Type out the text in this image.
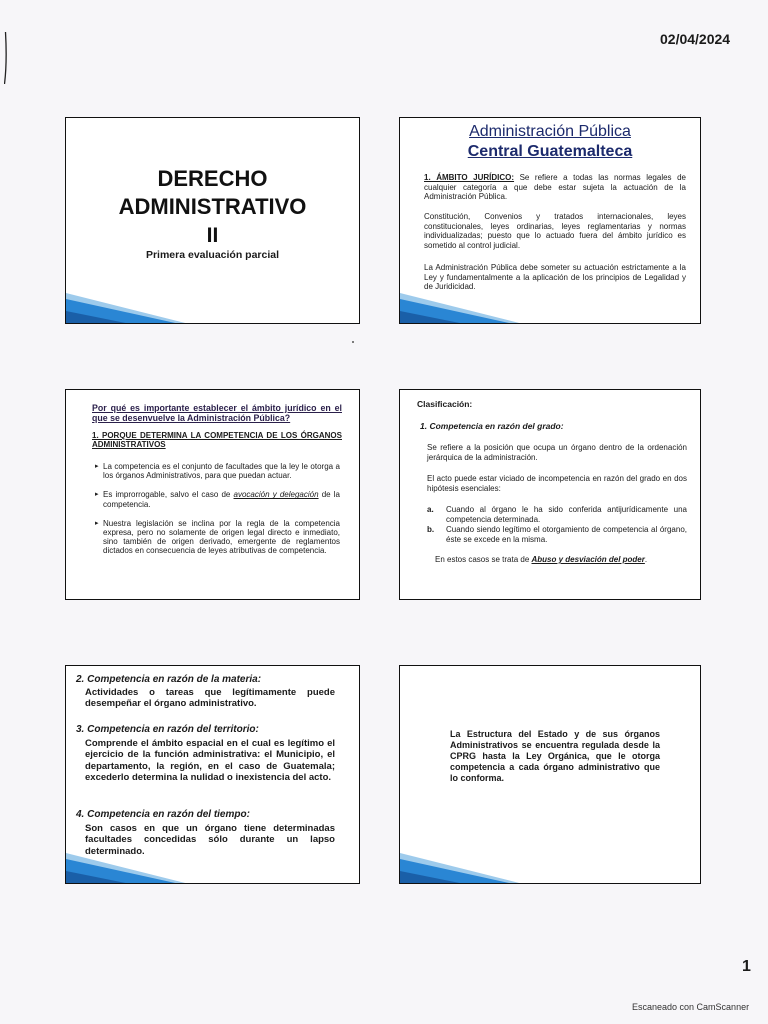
02/04/2024
DERECHO
ADMINISTRATIVO
II
Primera evaluación parcial
Administración Pública
Central Guatemalteca
1. ÁMBITO JURÍDICO: Se refiere a todas las normas legales de cualquier categoría a que debe estar sujeta la actuación de la Administración Pública.
Constitución, Convenios y tratados internacionales, leyes constitucionales, leyes ordinarias, leyes reglamentarias y normas individualizadas; puesto que lo actuado fuera del ámbito jurídico es sometido al control judicial.
La Administración Pública debe someter su actuación estrictamente a la Ley y fundamentalmente a la aplicación de los principios de Legalidad y de Juridicidad.
Por qué es importante establecer el ámbito jurídico en el que se desenvuelve la Administración Pública?
1. PORQUE DETERMINA LA COMPETENCIA DE LOS ÓRGANOS ADMINISTRATIVOS
▸ La competencia es el conjunto de facultades que la ley le otorga a los órganos Administrativos, para que puedan actuar.
▸ Es improrrogable, salvo el caso de avocación y delegación de la competencia.
▸ Nuestra legislación se inclina por la regla de la competencia expresa, pero no solamente de origen legal directo e inmediato, sino también de origen derivado, emergente de reglamentos dictados en consecuencia de leyes atributivas de competencia.
Clasificación:
1. Competencia en razón del grado:
Se refiere a la posición que ocupa un órgano dentro de la ordenación jerárquica de la administración.
El acto puede estar viciado de incompetencia en razón del grado en dos hipótesis esenciales:
a. Cuando al órgano le ha sido conferida antijurídicamente una competencia determinada.
b. Cuando siendo legítimo el otorgamiento de competencia al órgano, éste se excede en la misma.
En estos casos se trata de Abuso y desviación del poder.
2. Competencia en razón de la materia:
Actividades o tareas que legítimamente puede desempeñar el órgano administrativo.
3. Competencia en razón del territorio:
Comprende el ámbito espacial en el cual es legítimo el ejercicio de la función administrativa: el Municipio, el departamento, la región, en el caso de Guatemala; excederlo determina la nulidad o inexistencia del acto.
4. Competencia en razón del tiempo:
Son casos en que un órgano tiene determinadas facultades concedidas sólo durante un lapso determinado.
La Estructura del Estado y de sus órganos Administrativos se encuentra regulada desde la CPRG hasta la Ley Orgánica, que le otorga competencia a cada órgano administrativo que lo conforma.
1
Escaneado con CamScanner
